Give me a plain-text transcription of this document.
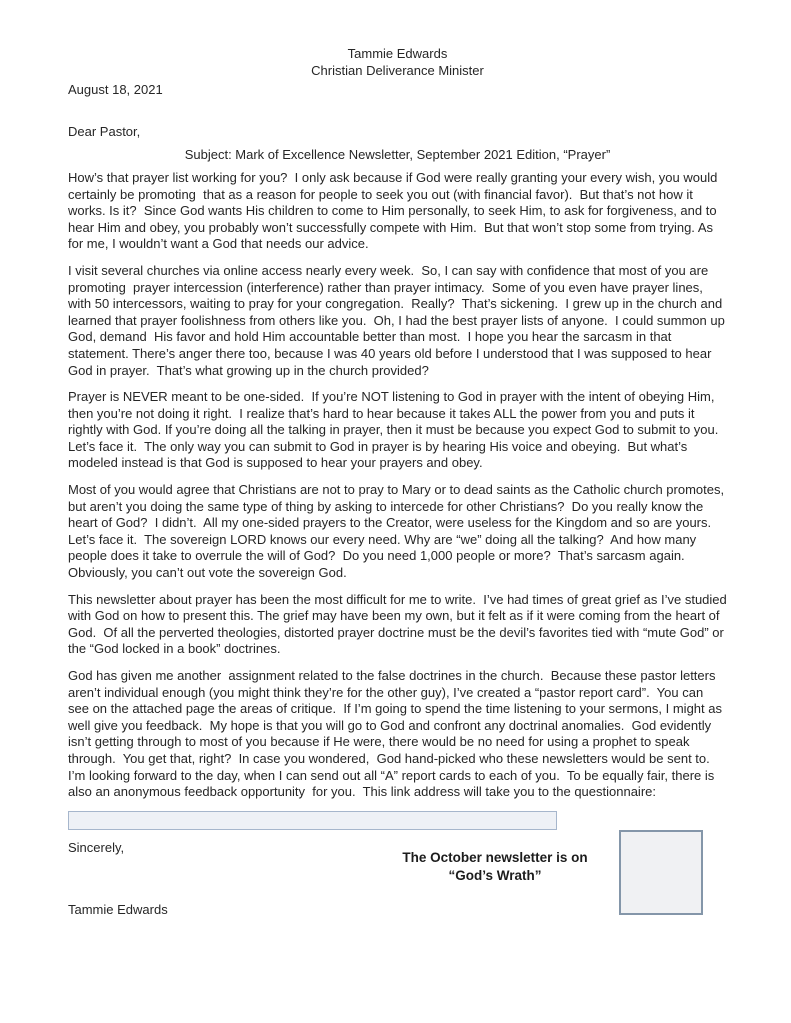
Tammie Edwards
Christian Deliverance Minister
August 18, 2021
Dear Pastor,
Subject: Mark of Excellence Newsletter, September 2021 Edition, “Prayer”

How’s that prayer list working for you?  I only ask because if God were really granting your every wish, you would certainly be promoting  that as a reason for people to seek you out (with financial favor).  But that’s not how it works. Is it?  Since God wants His children to come to Him personally, to seek Him, to ask for forgiveness, and to hear Him and obey, you probably won’t successfully compete with Him.  But that won’t stop some from trying. As for me, I wouldn’t want a God that needs our advice.

I visit several churches via online access nearly every week.  So, I can say with confidence that most of you are promoting  prayer intercession (interference) rather than prayer intimacy.  Some of you even have prayer lines, with 50 intercessors, waiting to pray for your congregation.  Really?  That’s sickening.  I grew up in the church and learned that prayer foolishness from others like you.  Oh, I had the best prayer lists of anyone.  I could summon up God, demand  His favor and hold Him accountable better than most.  I hope you hear the sarcasm in that statement. There’s anger there too, because I was 40 years old before I understood that I was supposed to hear God in prayer.  That’s what growing up in the church provided?

Prayer is NEVER meant to be one-sided.  If you’re NOT listening to God in prayer with the intent of obeying Him, then you’re not doing it right.  I realize that’s hard to hear because it takes ALL the power from you and puts it rightly with God. If you’re doing all the talking in prayer, then it must be because you expect God to submit to you.  Let’s face it.  The only way you can submit to God in prayer is by hearing His voice and obeying.  But what’s modeled instead is that God is supposed to hear your prayers and obey.

Most of you would agree that Christians are not to pray to Mary or to dead saints as the Catholic church promotes,  but aren’t you doing the same type of thing by asking to intercede for other Christians?  Do you really know the heart of God?  I didn’t.  All my one-sided prayers to the Creator, were useless for the Kingdom and so are yours.  Let’s face it.  The sovereign LORD knows our every need. Why are “we” doing all the talking?  And how many people does it take to overrule the will of God?  Do you need 1,000 people or more?  That’s sarcasm again.  Obviously, you can’t out vote the sovereign God.

This newsletter about prayer has been the most difficult for me to write.  I’ve had times of great grief as I’ve studied with God on how to present this. The grief may have been my own, but it felt as if it were coming from the heart of God.  Of all the perverted theologies, distorted prayer doctrine must be the devil’s favorites tied with “mute God” or the “God locked in a book” doctrines.

God has given me another  assignment related to the false doctrines in the church.  Because these pastor letters aren’t individual enough (you might think they’re for the other guy), I’ve created a “pastor report card”.  You can see on the attached page the areas of critique.  If I’m going to spend the time listening to your sermons, I might as well give you feedback.  My hope is that you will go to God and confront any doctrinal anomalies.  God evidently isn’t getting through to most of you because if He were, there would be no need for using a prophet to speak through.  You get that, right?  In case you wondered,  God hand-picked who these newsletters would be sent to.  I’m looking forward to the day, when I can send out all “A” report cards to each of you.  To be equally fair, there is also an anonymous feedback opportunity  for you.  This link address will take you to the questionnaire:

Sincerely,
The October newsletter is on
“God’s Wrath”
Tammie Edwards
